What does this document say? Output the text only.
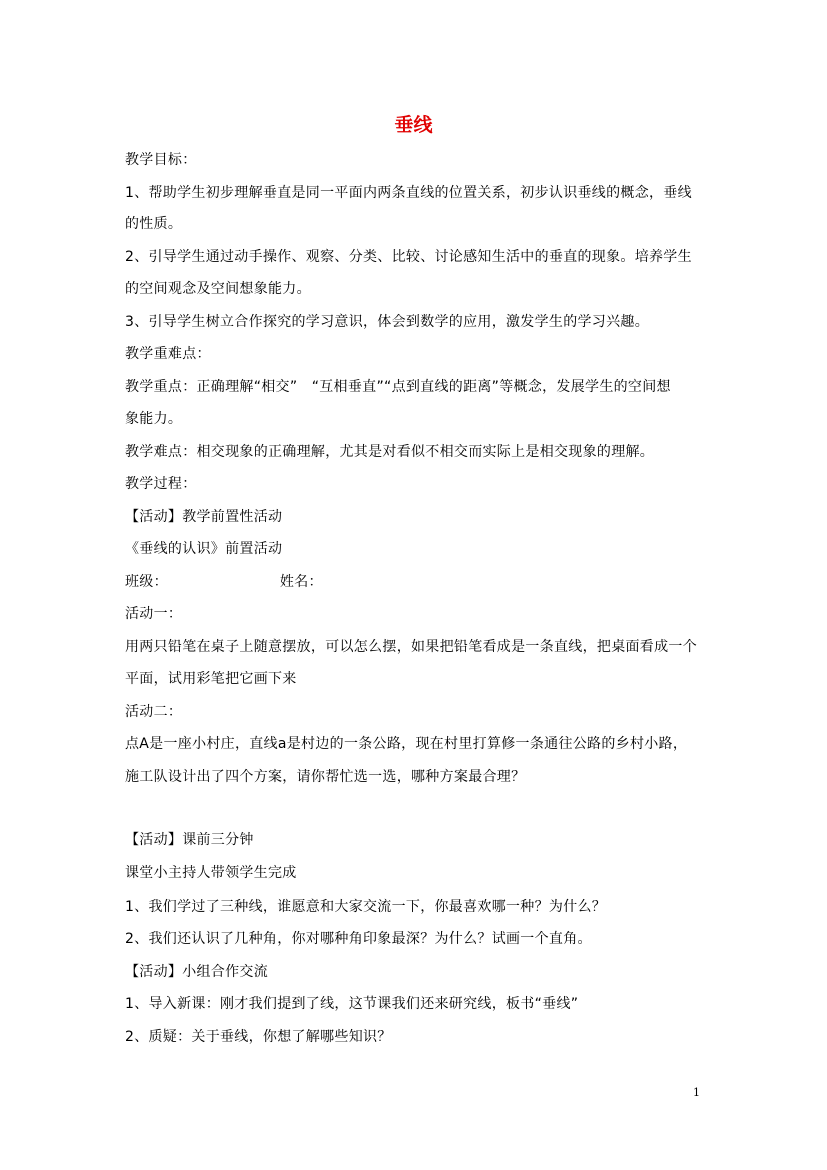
垂线
教学目标：
1、帮助学生初步理解垂直是同一平面内两条直线的位置关系，初步认识垂线的概念，垂线
的性质。
2、引导学生通过动手操作、观察、分类、比较、讨论感知生活中的垂直的现象。培养学生
的空间观念及空间想象能力。
3、引导学生树立合作探究的学习意识，体会到数学的应用，激发学生的学习兴趣。
教学重难点：
教学重点：正确理解“相交”　“互相垂直”“点到直线的距离”等概念，发展学生的空间想
象能力。
教学难点：相交现象的正确理解，尤其是对看似不相交而实际上是相交现象的理解。
教学过程：
【活动】教学前置性活动
《垂线的认识》前置活动
班级：	姓名：
活动一：
用两只铅笔在桌子上随意摆放，可以怎么摆，如果把铅笔看成是一条直线，把桌面看成一个
平面，试用彩笔把它画下来
活动二：
点A是一座小村庄，直线a是村边的一条公路，现在村里打算修一条通往公路的乡村小路，
施工队设计出了四个方案，请你帮忙选一选，哪种方案最合理？
【活动】课前三分钟
课堂小主持人带领学生完成
1、我们学过了三种线，谁愿意和大家交流一下，你最喜欢哪一种？为什么？
2、我们还认识了几种角，你对哪种角印象最深？为什么？试画一个直角。
【活动】小组合作交流
1、导入新课：刚才我们提到了线，这节课我们还来研究线，板书“垂线”
2、质疑：关于垂线，你想了解哪些知识？
1
